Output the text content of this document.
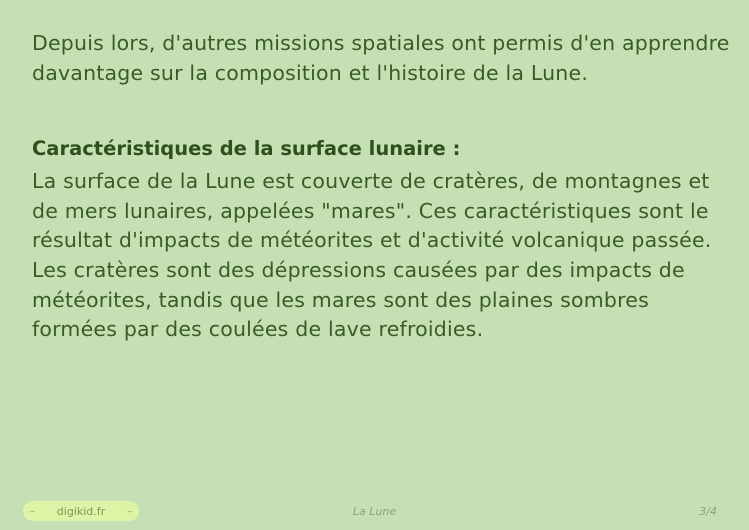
Depuis lors, d'autres missions spatiales ont permis d'en apprendre davantage sur la composition et l'histoire de la Lune.

Caractéristiques de la surface lunaire :

La surface de la Lune est couverte de cratères, de montagnes et de mers lunaires, appelées "mares". Ces caractéristiques sont le résultat d'impacts de météorites et d'activité volcanique passée. Les cratères sont des dépressions causées par des impacts de météorites, tandis que les mares sont des plaines sombres formées par des coulées de lave refroidies.

– digikid.fr –	La Lune	3/4
